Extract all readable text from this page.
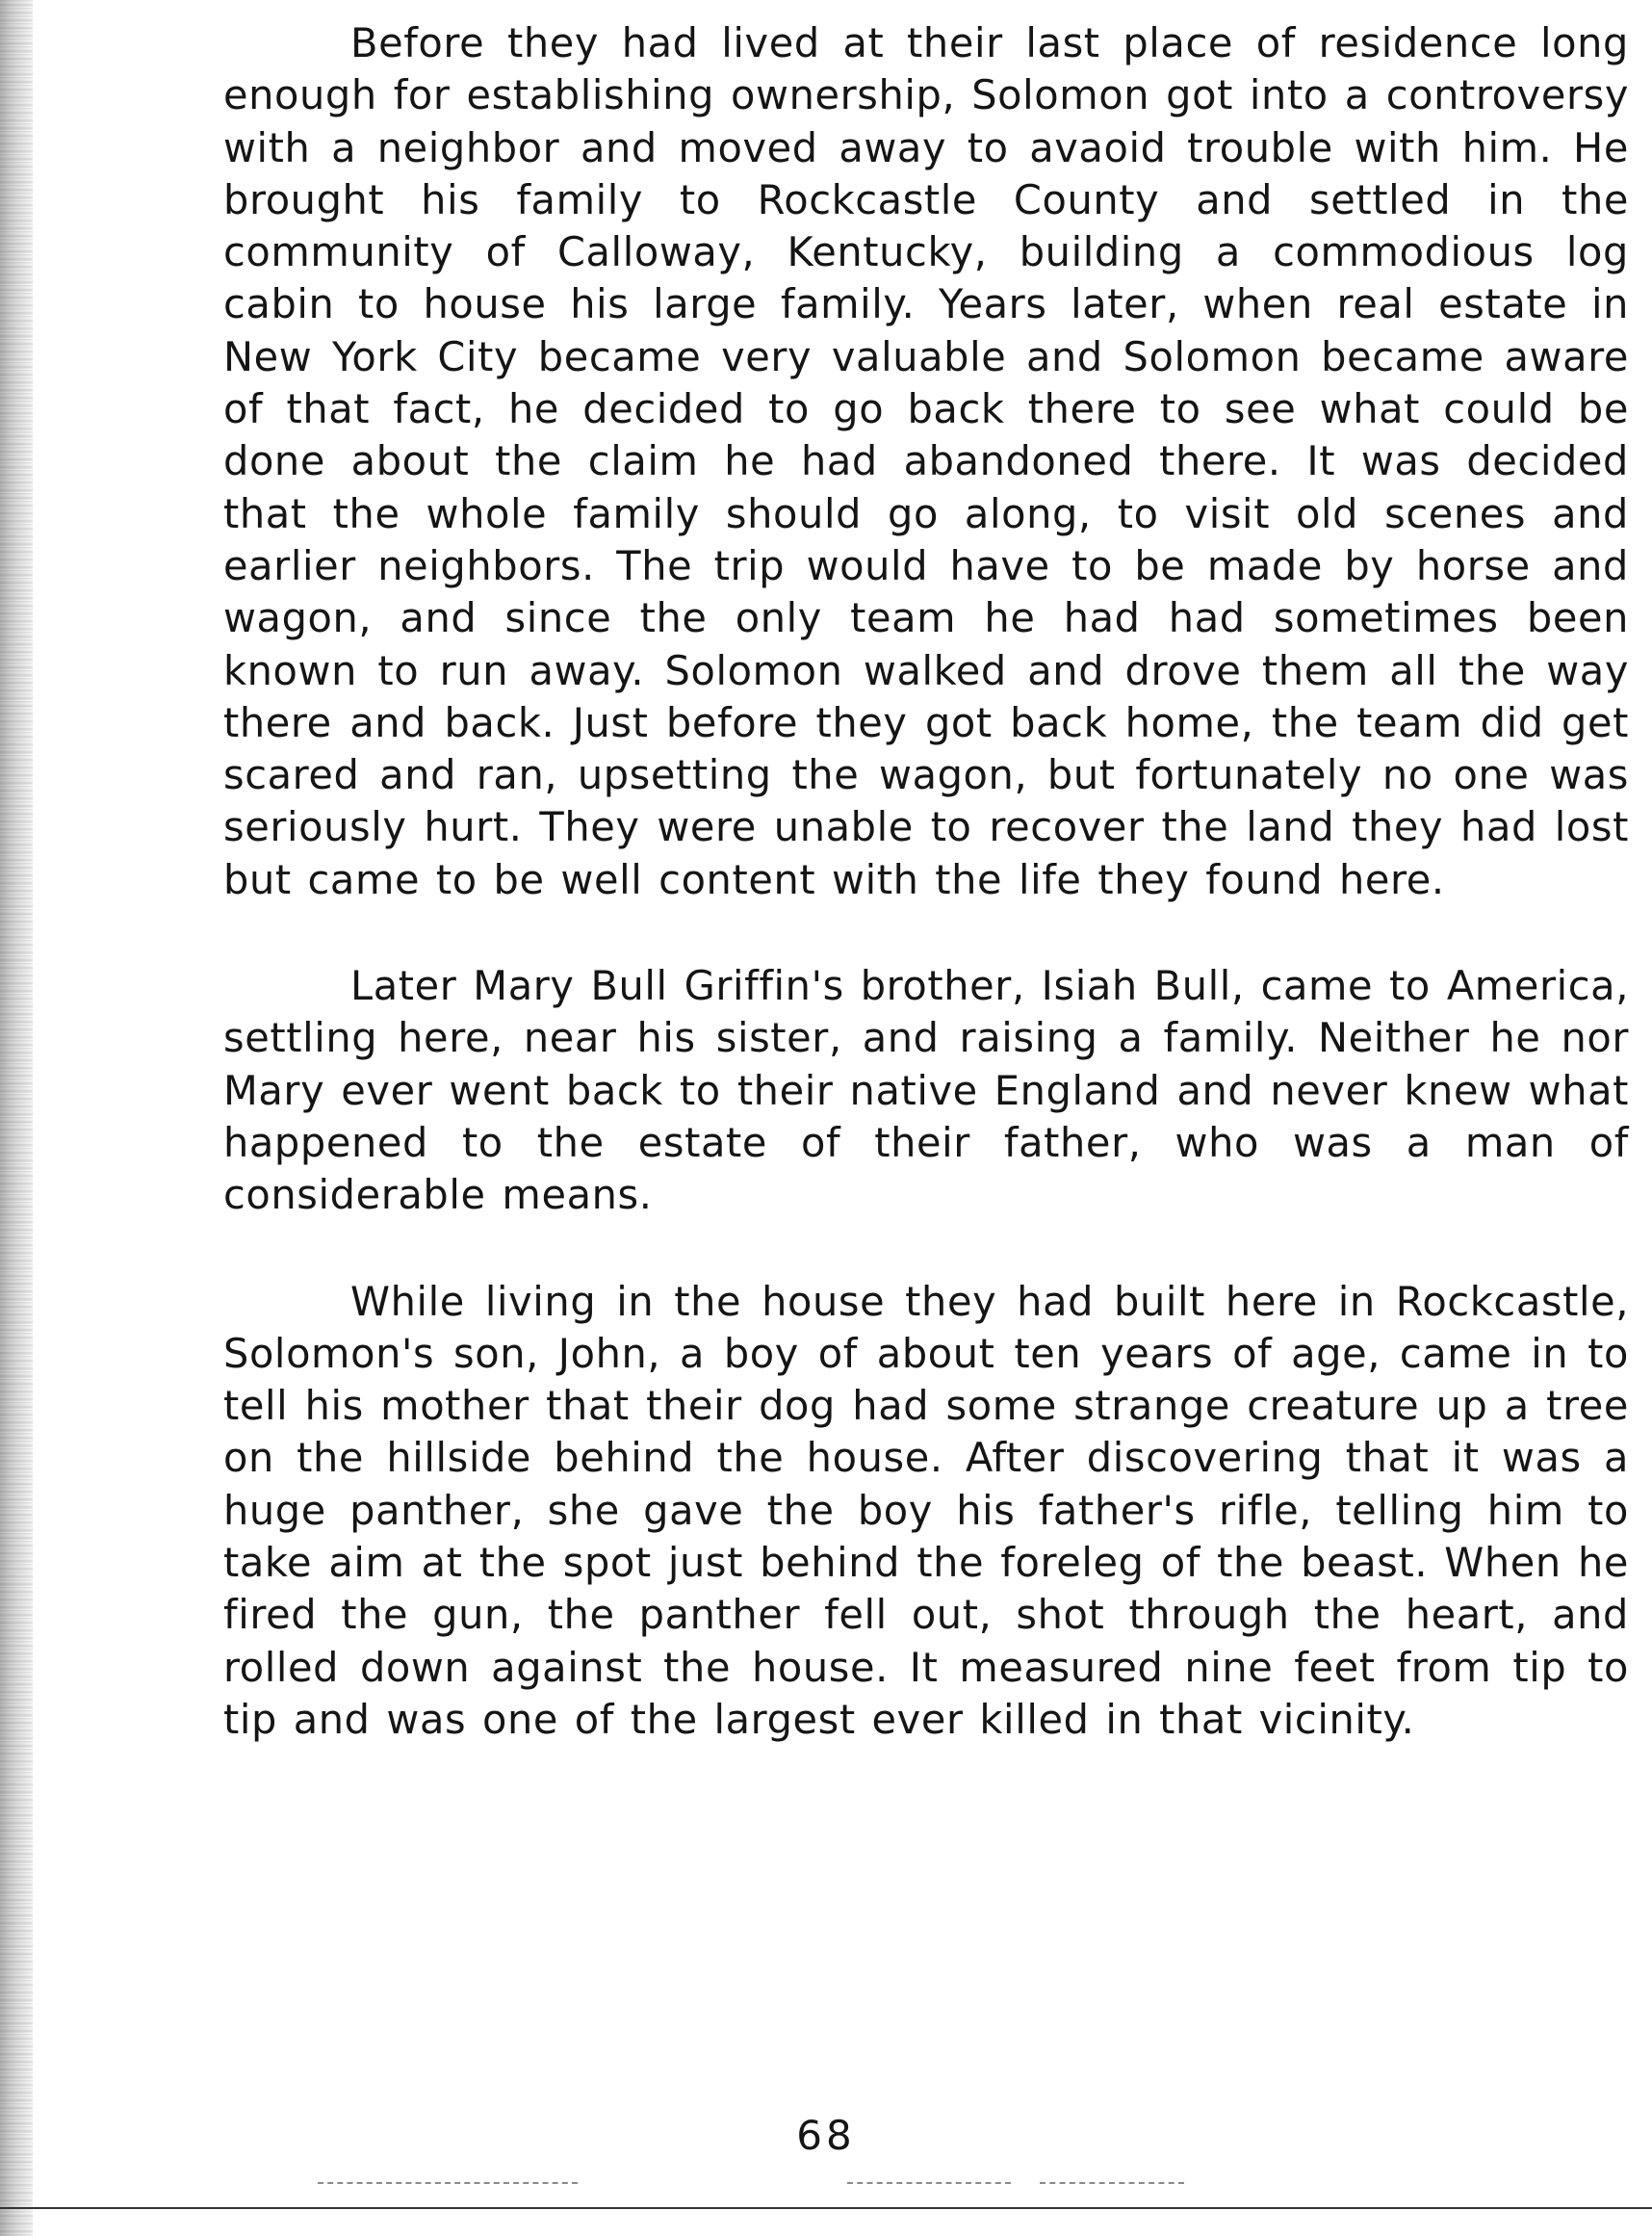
Before they had lived at their last place of residence long enough for establishing ownership, Solomon got into a controversy with a neighbor and moved away to avaoid trouble with him. He brought his family to Rockcastle County and settled in the community of Calloway, Kentucky, building a commodious log cabin to house his large family. Years later, when real estate in New York City became very valuable and Solomon became aware of that fact, he decided to go back there to see what could be done about the claim he had abandoned there. It was decided that the whole family should go along, to visit old scenes and earlier neighbors. The trip would have to be made by horse and wagon, and since the only team he had had sometimes been known to run away. Solomon walked and drove them all the way there and back. Just before they got back home, the team did get scared and ran, upsetting the wagon, but fortunately no one was seriously hurt. They were unable to recover the land they had lost but came to be well content with the life they found here.

Later Mary Bull Griffin's brother, Isiah Bull, came to America, settling here, near his sister, and raising a family. Neither he nor Mary ever went back to their native England and never knew what happened to the estate of their father, who was a man of considerable means.

While living in the house they had built here in Rockcastle, Solomon's son, John, a boy of about ten years of age, came in to tell his mother that their dog had some strange creature up a tree on the hillside behind the house. After discovering that it was a huge panther, she gave the boy his father's rifle, telling him to take aim at the spot just behind the foreleg of the beast. When he fired the gun, the panther fell out, shot through the heart, and rolled down against the house. It measured nine feet from tip to tip and was one of the largest ever killed in that vicinity.

68
